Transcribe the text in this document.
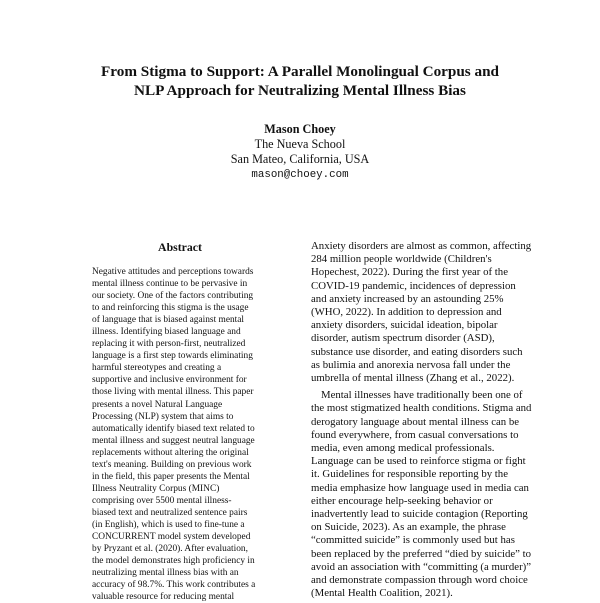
From Stigma to Support: A Parallel Monolingual Corpus and
NLP Approach for Neutralizing Mental Illness Bias
Mason Choey
The Nueva School
San Mateo, California, USA
mason@choey.com
Abstract
Negative attitudes and perceptions towards
mental illness continue to be pervasive in
our society. One of the factors contributing
to and reinforcing this stigma is the usage
of language that is biased against mental
illness. Identifying biased language and
replacing it with person-first, neutralized
language is a first step towards eliminating
harmful stereotypes and creating a
supportive and inclusive environment for
those living with mental illness. This paper
presents a novel Natural Language
Processing (NLP) system that aims to
automatically identify biased text related to
mental illness and suggest neutral language
replacements without altering the original
text's meaning. Building on previous work
in the field, this paper presents the Mental
Illness Neutrality Corpus (MINC)
comprising over 5500 mental illness-
biased text and neutralized sentence pairs
(in English), which is used to fine-tune a
CONCURRENT model system developed
by Pryzant et al. (2020). After evaluation,
the model demonstrates high proficiency in
neutralizing mental illness bias with an
accuracy of 98.7%. This work contributes a
valuable resource for reducing mental
Anxiety disorders are almost as common, affecting
284 million people worldwide (Children's
Hopechest, 2022). During the first year of the
COVID-19 pandemic, incidences of depression
and anxiety increased by an astounding 25%
(WHO, 2022). In addition to depression and
anxiety disorders, suicidal ideation, bipolar
disorder, autism spectrum disorder (ASD),
substance use disorder, and eating disorders such
as bulimia and anorexia nervosa fall under the
umbrella of mental illness (Zhang et al., 2022).
Mental illnesses have traditionally been one of
the most stigmatized health conditions. Stigma and
derogatory language about mental illness can be
found everywhere, from casual conversations to
media, even among medical professionals.
Language can be used to reinforce stigma or fight
it. Guidelines for responsible reporting by the
media emphasize how language used in media can
either encourage help-seeking behavior or
inadvertently lead to suicide contagion (Reporting
on Suicide, 2023). As an example, the phrase
“committed suicide” is commonly used but has
been replaced by the preferred “died by suicide” to
avoid an association with “committing (a murder)”
and demonstrate compassion through word choice
(Mental Health Coalition, 2021).
